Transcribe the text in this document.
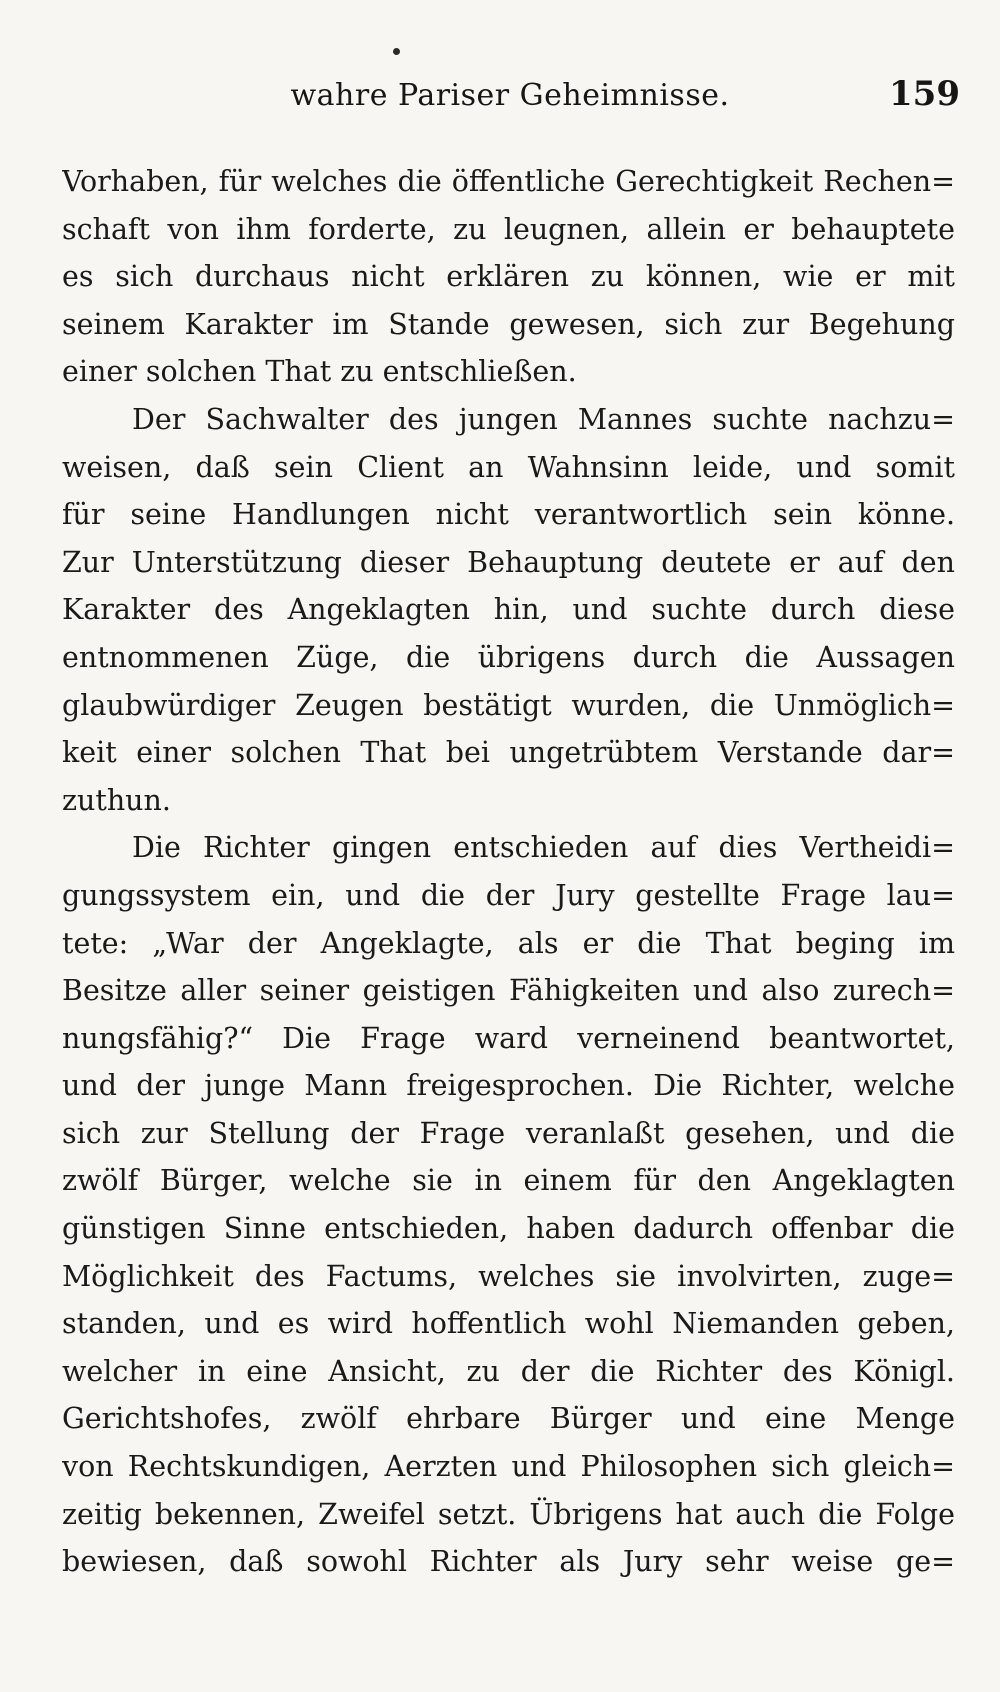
wahre Pariser Geheimnisse.	159
Vorhaben, für welches die öffentliche Gerechtigkeit Rechen=
schaft von ihm forderte, zu leugnen, allein er behauptete
es sich durchaus nicht erklären zu können, wie er mit
seinem Karakter im Stande gewesen, sich zur Begehung
einer solchen That zu entschließen.
Der Sachwalter des jungen Mannes suchte nachzu=
weisen, daß sein Client an Wahnsinn leide, und somit
für seine Handlungen nicht verantwortlich sein könne.
Zur Unterstützung dieser Behauptung deutete er auf den
Karakter des Angeklagten hin, und suchte durch diese
entnommenen Züge, die übrigens durch die Aussagen
glaubwürdiger Zeugen bestätigt wurden, die Unmöglich=
keit einer solchen That bei ungetrübtem Verstande dar=
zuthun.
Die Richter gingen entschieden auf dies Vertheidi=
gungssystem ein, und die der Jury gestellte Frage lau=
tete: „War der Angeklagte, als er die That beging im
Besitze aller seiner geistigen Fähigkeiten und also zurech=
nungsfähig?“ Die Frage ward verneinend beantwortet,
und der junge Mann freigesprochen. Die Richter, welche
sich zur Stellung der Frage veranlaßt gesehen, und die
zwölf Bürger, welche sie in einem für den Angeklagten
günstigen Sinne entschieden, haben dadurch offenbar die
Möglichkeit des Factums, welches sie involvirten, zuge=
standen, und es wird hoffentlich wohl Niemanden geben,
welcher in eine Ansicht, zu der die Richter des Königl.
Gerichtshofes, zwölf ehrbare Bürger und eine Menge
von Rechtskundigen, Aerzten und Philosophen sich gleich=
zeitig bekennen, Zweifel setzt. Übrigens hat auch die Folge
bewiesen, daß sowohl Richter als Jury sehr weise ge=
